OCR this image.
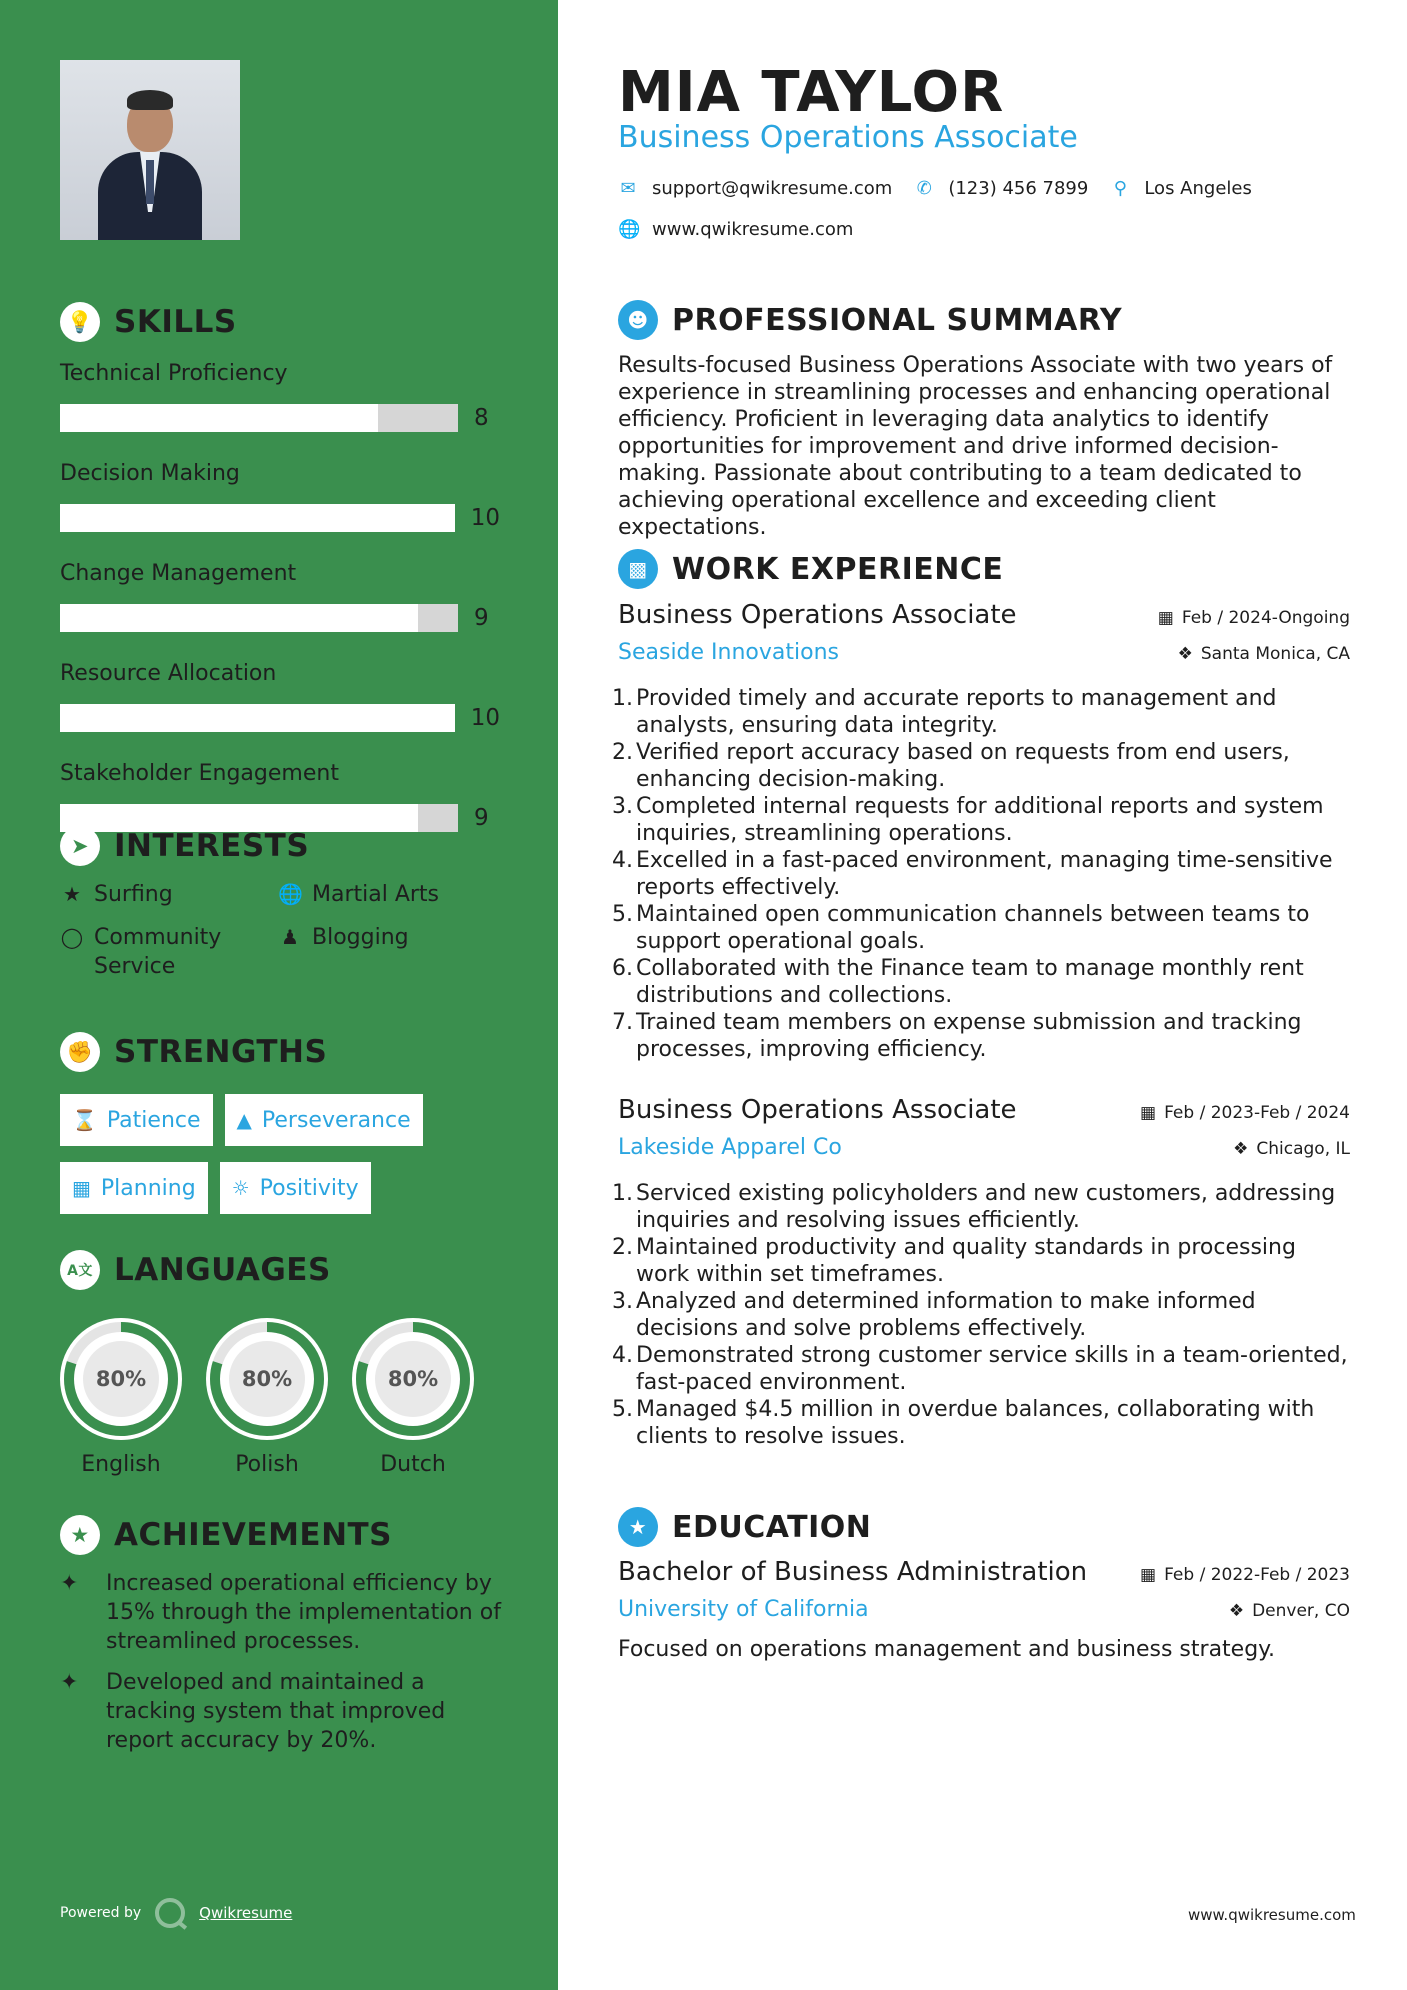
💡 SKILLS
Technical Proficiency
8
Decision Making
10
Change Management
9
Resource Allocation
10
Stakeholder Engagement
9
➤ INTERESTS
★ Surfing	🌐 Martial Arts
◯ Community Service
♟ Blogging
✊ STRENGTHS
⌛ Patience ▲ Perseverance
▦ Planning ☼ Positivity
A文 LANGUAGES
80%
English
80%
Polish
80%
Dutch
★ ACHIEVEMENTS
✦	Increased operational efficiency by 15% through the implementation of streamlined processes.
✦	Developed and maintained a tracking system that improved report accuracy by 20%.
Powered by	Qwikresume
MIA TAYLOR
Business Operations Associate
✉ support@qwikresume.com ✆ (123) 456 7899 ⚲ Los Angeles
🌐 www.qwikresume.com
☻ PROFESSIONAL SUMMARY

Results-focused Business Operations Associate with two years of experience in streamlining processes and enhancing operational efficiency. Proficient in leveraging data analytics to identify opportunities for improvement and drive informed decision-making. Passionate about contributing to a team dedicated to achieving operational excellence and exceeding client expectations.

▩ WORK EXPERIENCE
Business Operations Associate	▦ Feb / 2024-Ongoing
Seaside Innovations	❖ Santa Monica, CA
Provided timely and accurate reports to management and analysts, ensuring data integrity.
Verified report accuracy based on requests from end users, enhancing decision-making.
Completed internal requests for additional reports and system inquiries, streamlining operations.
Excelled in a fast-paced environment, managing time-sensitive reports effectively.
Maintained open communication channels between teams to support operational goals.
Collaborated with the Finance team to manage monthly rent distributions and collections.
Trained team members on expense submission and tracking processes, improving efficiency.
Business Operations Associate	▦ Feb / 2023-Feb / 2024
Lakeside Apparel Co	❖ Chicago, IL
Serviced existing policyholders and new customers, addressing inquiries and resolving issues efficiently.
Maintained productivity and quality standards in processing work within set timeframes.
Analyzed and determined information to make informed decisions and solve problems effectively.
Demonstrated strong customer service skills in a team-oriented, fast-paced environment.
Managed $4.5 million in overdue balances, collaborating with clients to resolve issues.
★ EDUCATION
Bachelor of Business Administration	▦ Feb / 2022-Feb / 2023
University of California	❖ Denver, CO

Focused on operations management and business strategy.

www.qwikresume.com
